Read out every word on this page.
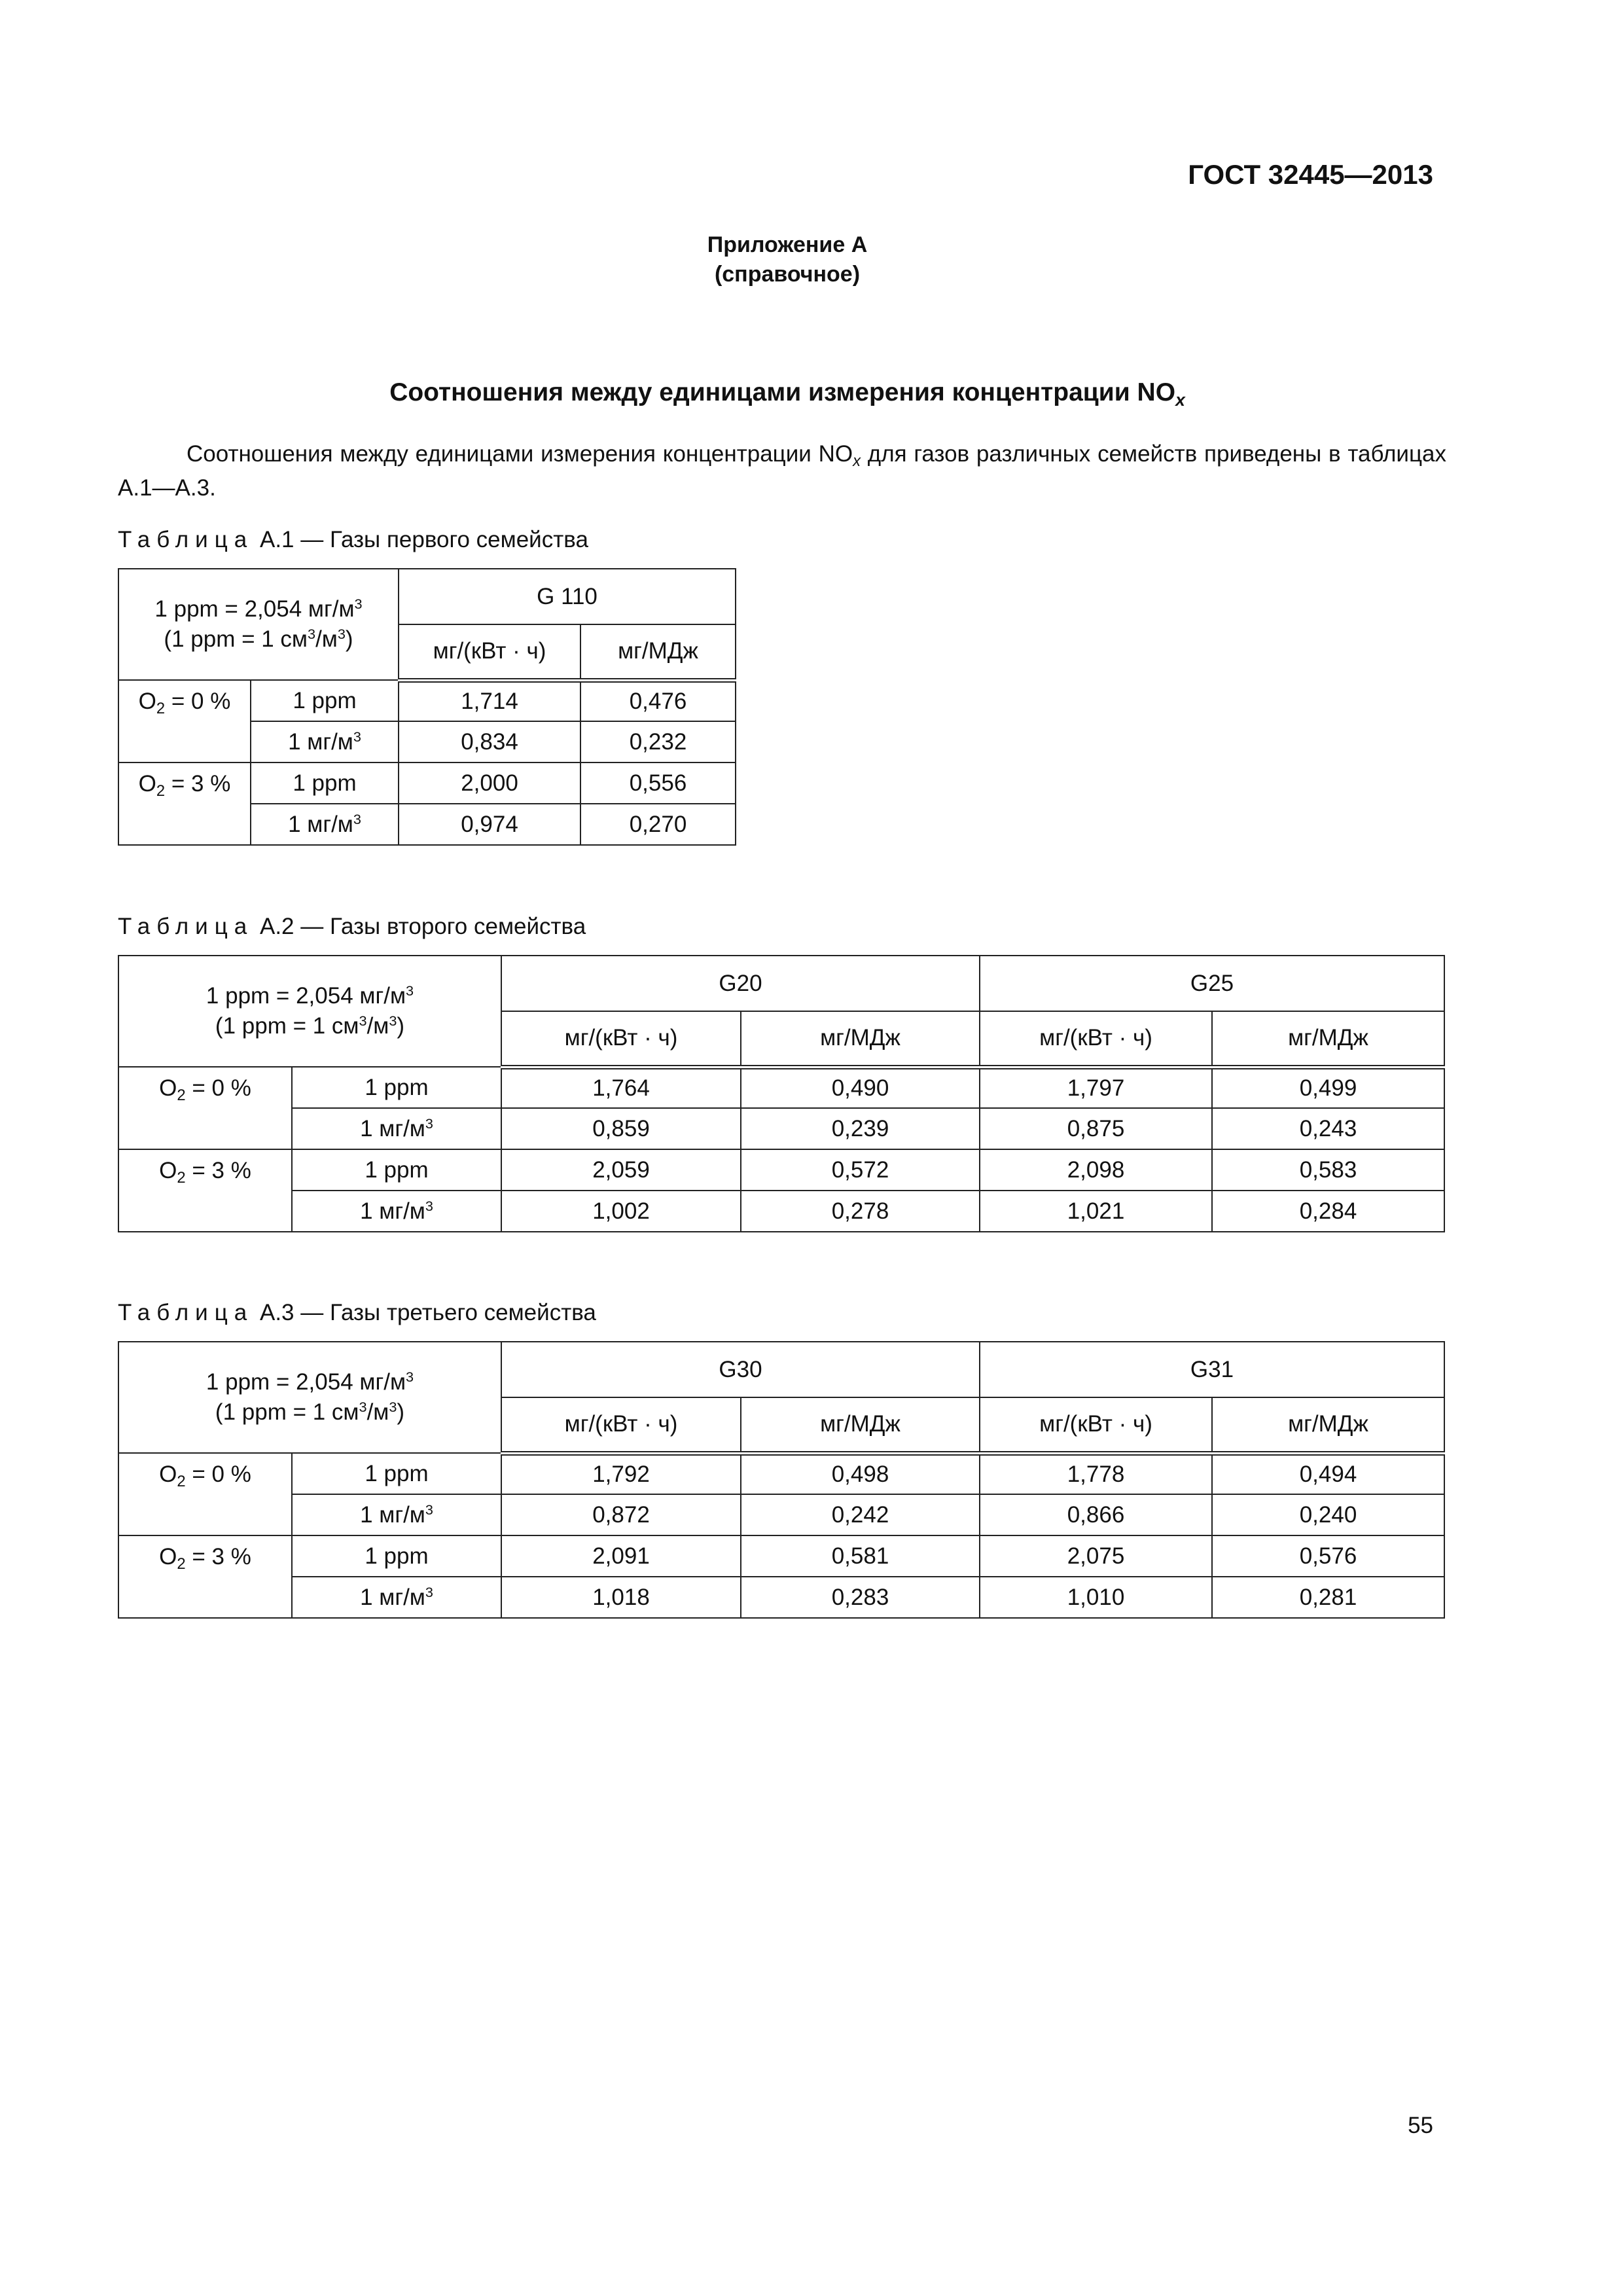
ГОСТ 32445—2013
Приложение А
(справочное)
Соотношения между единицами измерения концентрации $NO_x$
Соотношения между единицами измерения концентрации $NO_x$ для газов различных семейств приведены в таблицах А.1—А.3.
Таблица А.1 — Газы первого семейства
1 ppm = 2,054 $мг/м^3$
(1 ppm = 1 $см^3/м^3$)		G 110	
		мг/(кВт · ч)	мг/МДж
$O_2 = 0$ %	1 ppm	1,714	0,476
	1 $мг/м^3$	0,834	0,232
$O_2 = 3$ %	1 ppm	2,000	0,556
	1 $мг/м^3$	0,974	0,270
Таблица А.2 — Газы второго семейства
1 ppm = 2,054 $мг/м^3$
(1 ppm = 1 $см^3/м^3$)		G20		G25	
		мг/(кВт · ч)	мг/МДж	мг/(кВт · ч)	мг/МДж
$O_2 = 0$ %	1 ppm	1,764	0,490	1,797	0,499
	1 $мг/м^3$	0,859	0,239	0,875	0,243
$O_2 = 3$ %	1 ppm	2,059	0,572	2,098	0,583
	1 $мг/м^3$	1,002	0,278	1,021	0,284
Таблица А.3 — Газы третьего семейства
1 ppm = 2,054 $мг/м^3$
(1 ppm = 1 $см^3/м^3$)		G30		G31	
		мг/(кВт · ч)	мг/МДж	мг/(кВт · ч)	мг/МДж
$O_2 = 0$ %	1 ppm	1,792	0,498	1,778	0,494
	1 $мг/м^3$	0,872	0,242	0,866	0,240
$O_2 = 3$ %	1 ppm	2,091	0,581	2,075	0,576
	1 $мг/м^3$	1,018	0,283	1,010	0,281
55
